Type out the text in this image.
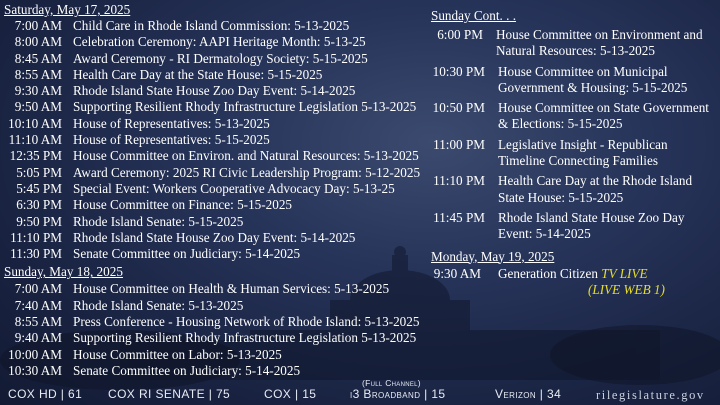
Saturday, May 17, 2025
7:00 AM Child Care in Rhode Island Commission: 5-13-2025
8:00 AM Celebration Ceremony: AAPI Heritage Month: 5-13-25
8:45 AM Award Ceremony - RI Dermatology Society: 5-15-2025
8:55 AM Health Care Day at the State House: 5-15-2025
9:30 AM Rhode Island State House Zoo Day Event: 5-14-2025
9:50 AM Supporting Resilient Rhody Infrastructure Legislation 5-13-2025
10:10 AM House of Representatives: 5-13-2025
11:10 AM House of Representatives: 5-15-2025
12:35 PM House Committee on Environ. and Natural Resources: 5-13-2025
5:05 PM Award Ceremony: 2025 RI Civic Leadership Program: 5-12-2025
5:45 PM Special Event: Workers Cooperative Advocacy Day: 5-13-25
6:30 PM House Committee on Finance: 5-15-2025
9:50 PM Rhode Island Senate: 5-15-2025
11:10 PM Rhode Island State House Zoo Day Event: 5-14-2025
11:30 PM Senate Committee on Judiciary: 5-14-2025
Sunday, May 18, 2025
7:00 AM House Committee on Health & Human Services: 5-13-2025
7:40 AM Rhode Island Senate: 5-13-2025
8:55 AM Press Conference - Housing Network of Rhode Island: 5-13-2025
9:40 AM Supporting Resilient Rhody Infrastructure Legislation 5-13-2025
10:00 AM House Committee on Labor: 5-13-2025
10:30 AM Senate Committee on Judiciary: 5-14-2025
Sunday Cont. . .
6:00 PM House Committee on Environment and Natural Resources: 5-13-2025
10:30 PM House Committee on Municipal Government & Housing: 5-15-2025
10:50 PM House Committee on State Government & Elections: 5-15-2025
11:00 PM Legislative Insight - Republican Timeline Connecting Families
11:10 PM Health Care Day at the Rhode Island State House: 5-15-2025
11:45 PM Rhode Island State House Zoo Day Event: 5-14-2025
Monday, May 19, 2025
9:30 AM	Generation Citizen TV LIVE
(LIVE WEB 1)
(Full Channel)
COX HD | 61 COX RI SENATE | 75	COX | 15	i3 Broadband | 15	Verizon | 34	rilegislature.gov
